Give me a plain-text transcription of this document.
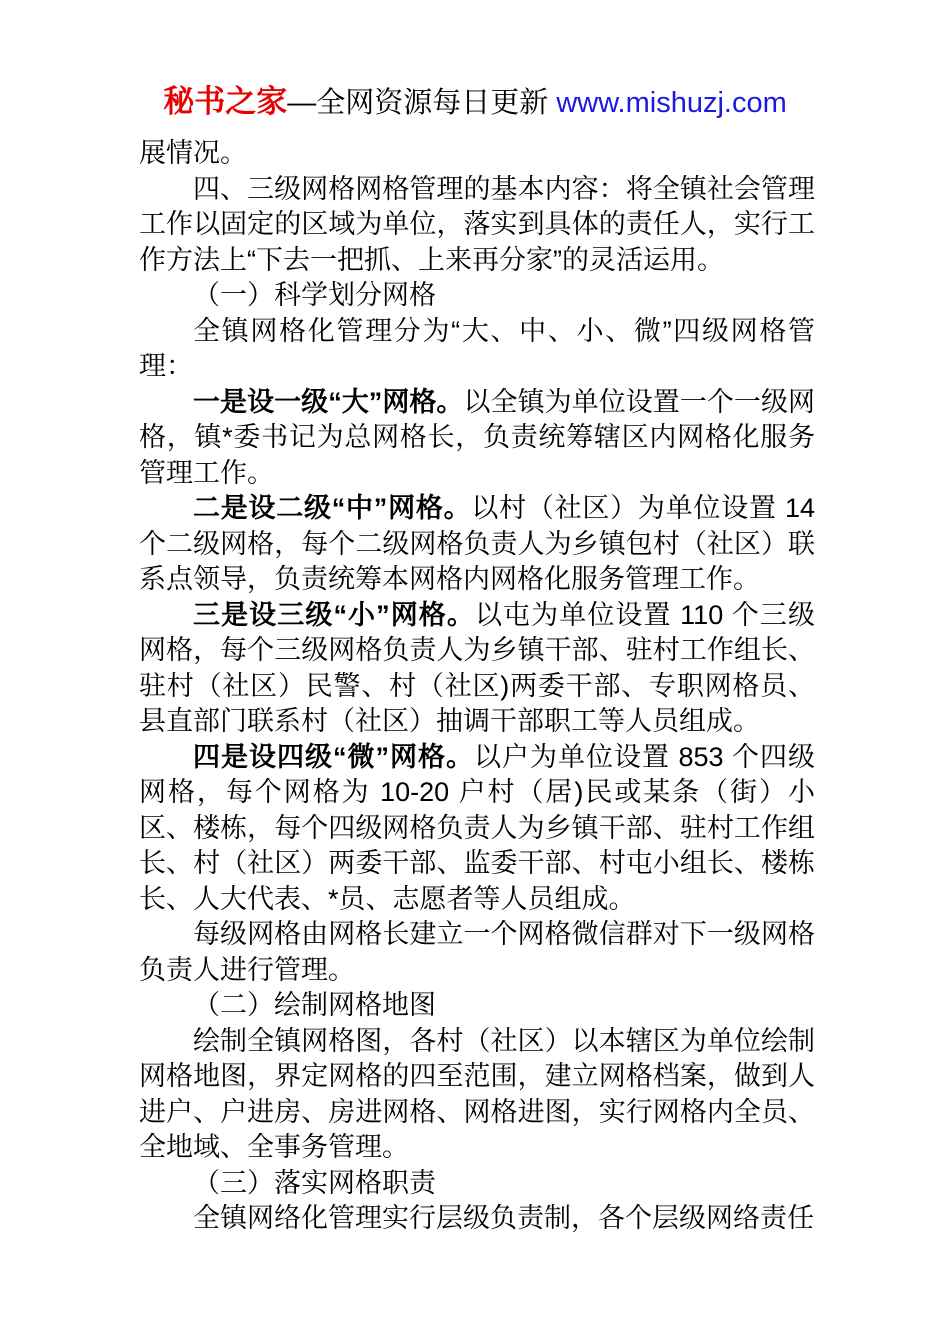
秘书之家—全网资源每日更新 www.mishuzj.com

展情况。

四、三级网格网格管理的基本内容：将全镇社会管理工作以固定的区域为单位，落实到具体的责任人，实行工作方法上“下去一把抓、上来再分家”的灵活运用。

（一）科学划分网格

全镇网格化管理分为“大、中、小、微”四级网格管理：

一是设一级“大”网格。以全镇为单位设置一个一级网格，镇*委书记为总网格长，负责统筹辖区内网格化服务管理工作。

二是设二级“中”网格。以村（社区）为单位设置 14 个二级网格，每个二级网格负责人为乡镇包村（社区）联系点领导，负责统筹本网格内网格化服务管理工作。

三是设三级“小”网格。以屯为单位设置 110 个三级网格，每个三级网格负责人为乡镇干部、驻村工作组长、驻村（社区）民警、村（社区)两委干部、专职网格员、县直部门联系村（社区）抽调干部职工等人员组成。

四是设四级“微”网格。以户为单位设置 853 个四级网格，每个网格为 10-20 户村（居)民或某条（街）小区、楼栋，每个四级网格负责人为乡镇干部、驻村工作组长、村（社区）两委干部、监委干部、村屯小组长、楼栋长、人大代表、*员、志愿者等人员组成。

每级网格由网格长建立一个网格微信群对下一级网格负责人进行管理。

（二）绘制网格地图

绘制全镇网格图，各村（社区）以本辖区为单位绘制网格地图，界定网格的四至范围，建立网格档案，做到人进户、户进房、房进网格、网格进图，实行网格内全员、全地域、全事务管理。

（三）落实网格职责

全镇网络化管理实行层级负责制，各个层级网络责任
